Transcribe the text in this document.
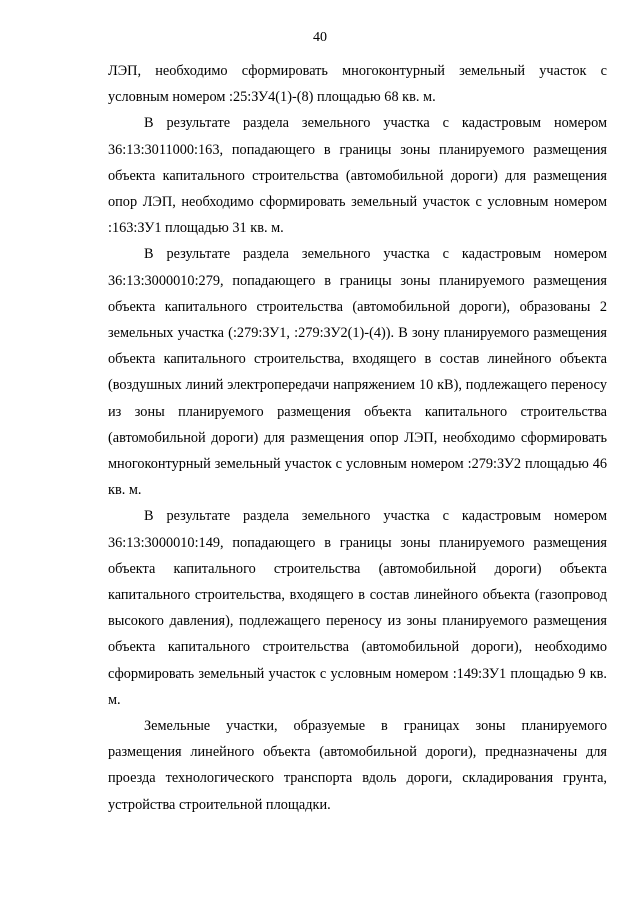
40

ЛЭП, необходимо сформировать многоконтурный земельный участок с условным номером :25:ЗУ4(1)-(8) площадью 68 кв. м.

В результате раздела земельного участка с кадастровым номером 36:13:3011000:163, попадающего в границы зоны планируемого размещения объекта капитального строительства (автомобильной дороги) для размещения опор ЛЭП, необходимо сформировать земельный участок с условным номером :163:ЗУ1 площадью 31 кв. м.

В результате раздела земельного участка с кадастровым номером 36:13:3000010:279, попадающего в границы зоны планируемого размещения объекта капитального строительства (автомобильной дороги), образованы 2 земельных участка (:279:ЗУ1, :279:ЗУ2(1)-(4)). В зону планируемого размещения объекта капитального строительства, входящего в состав линейного объекта (воздушных линий электропередачи напряжением 10 кВ), подлежащего переносу из зоны планируемого размещения объекта капитального строительства (автомобильной дороги) для размещения опор ЛЭП, необходимо сформировать многоконтурный земельный участок с условным номером :279:ЗУ2 площадью 46 кв. м.

В результате раздела земельного участка с кадастровым номером 36:13:3000010:149, попадающего в границы зоны планируемого размещения объекта капитального строительства (автомобильной дороги) объекта капитального строительства, входящего в состав линейного объекта (газопровод высокого давления), подлежащего переносу из зоны планируемого размещения объекта капитального строительства (автомобильной дороги), необходимо сформировать земельный участок с условным номером :149:ЗУ1 площадью 9 кв. м.

Земельные участки, образуемые в границах зоны планируемого размещения линейного объекта (автомобильной дороги), предназначены для проезда технологического транспорта вдоль дороги, складирования грунта, устройства строительной площадки.
